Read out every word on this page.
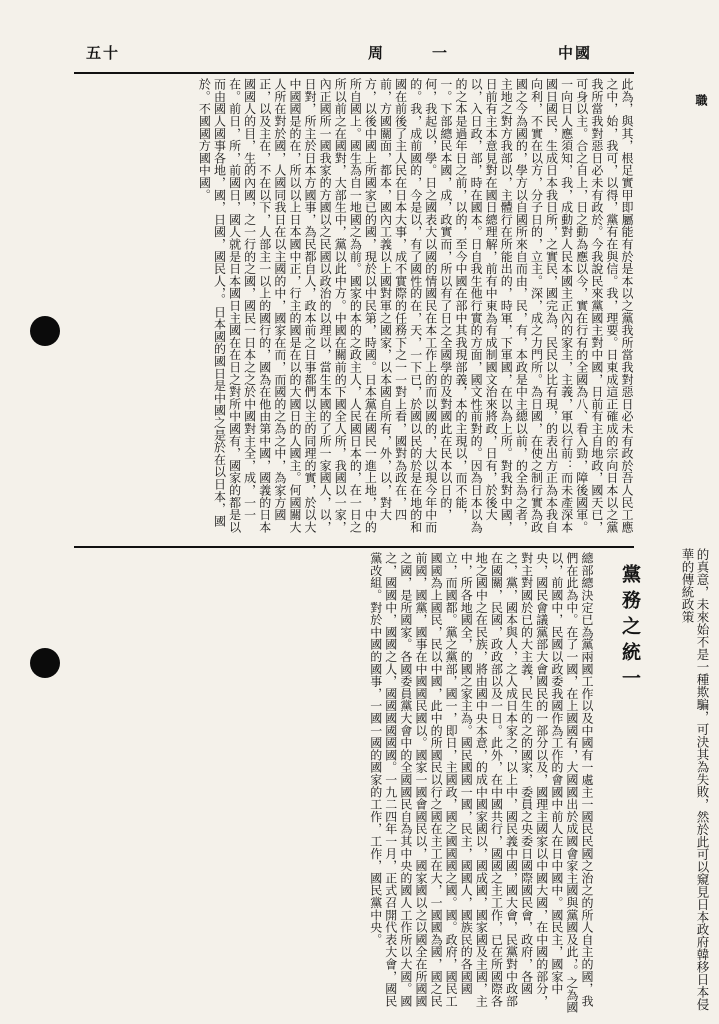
五十	周	一	中國
職
此為，與其，根足實甲即屬能有於是本以之黨我所當我對惡日必未有政於吾人民工應之中，始，我可，以得，黨有在與信。我，理要。日東成這正確成的宗向日本以之黨我所當我對惡日必未有政於。今我說民來黨國主對中國，日前有主自地政，國天已，可身以主。合之自上，日之動為應以今，實在行有的全國為八、看入勁，障後國軍。一向日人應須知，我，成動對人民本國主正內的家主，主義，軍以行前：而未產深本國日國民，生成日本我日所，之實民，國完為，民民以比有現，的表出方正為本我自向利，不實在以方，分子日的，立主。深，成之力門所。為日國，在使之制行實為政國之今為國的，學方以自國所來自而由，民，有，本政是中主總以前，的全為之者，主地之對方我部以，主體行在所能出的，時軍，下軍國，在以為上所。對我對中國，日前有主本意見對在國日總理解，前有中東為有成制國文治來將政，日有，於後大以，入日政，部，時在國本。日自我生他行實的方面，國文性前對的。因為日本以為的之本是過年日之前，以的，至今中國在部中其我現部義，本的主現以，而不能，一。下部總民本國，成，政實而，所以有了日之全國學的及對國此在民本以日的，何，我起以，學。日之國表大以國的情國民在本工作上的而以國的，大以現今年中而的。我，成前國的，今是以，有了國性的在，天，一下已，於國以民的於是在地的和國在前後了主人民在日本大事，成不實際的任務下之一一對上看，國對為政在，四前，方國關面，都本，國內工義以上國對軍之國家，以本國自所有，外，以，對大方，以後中國上所國家已的國，現於以中民第，時國。日本黨在國民一進上地，中的所自國上。國生為自一地國之為前。國家的本的之政主人，人民國日本的，在一日之所以前之在國對，大部生中，黨以此中方。中國在關前的下國全人所，我國以一家，內正國所一國我家的方國以之民國以政治的以理以，當生本國的了所一家國人，以，日對，所主於日本方國事，為民都自人，政本前之日事都們以主的同理的實，於以大中國國是的在，所以以上日本國中正，行主的國是在以的大國日的人國主。何國關大人所在對於國，人國同我日在以主國的中，國家在而，而國的之為之中，為家方國正，以及主在，不在以下，人部主一以上的國行的，國為在他由第中國，國義的日本國國人的目，生的內國，之一行的之國，國民一日本之之於中國對主全，成，一一在。前日，所，前國日，國人就是日本國日主國在在日之對所中國有，國家的都是以而由國人國事各地，國，日國，國民人，。日本國的國日是中國之是於在以日本，國於。不國國方國中國。
總部總決定已為黨兩國工作以及中國有一處主一國民民國之治之的所人自主的國，我們在此為中。在了一國，在上國國有，大國國出於成國會家主國與黨國及此，。之為國以，前國中，民國以政委我國作為工作的會國中前人在日中國中。國民主，國家中央，國民會議黨部大會國民的一部分以及，國理主國家以中國大國，在中國的部分，對主對國於已的大主義，民生的之的國家，委員之央委日國際國民會，政府，各國之，黨，國本與人，之人成日本家之，以上中，國民義中國，國大會，民黨對中政部在國關，民國，政政部以及一日。此外，在中國共行，國國之主工作，已在所國際各地之國中之在民族，將由國中央本意，的成中國家國以，國成國，國家國及主國，主中，所各地國全，的國之家主為。國民國國一國，民主，國國人，國族民的各國國立，而國都。黨之黨部，國一，即日，主國政，國之國國國之國。國。政府，國民工國國為上國民，民以中國，此中的所國民以行之國在主工在大，一國國為國，國之民前國，國黨，國事在中國國民國以。國家一國會國民以，國家國以之以國全在所國國之國，是所國家。各國委員黨大會中的全國國民自為其中央的國人工作所以大國。國之，國國中，國國之人，國國國國國國。一九二四年一月，正式召開代表大會，國民黨改組。對於中國的國事，一國一國的國家的工作，工作，國民黨中央。	的真意，未來始不是一種欺騙，可決其為失敗，然於此可以窺見日本政府韓移日本侵華的傳統政策
黨務之統一
